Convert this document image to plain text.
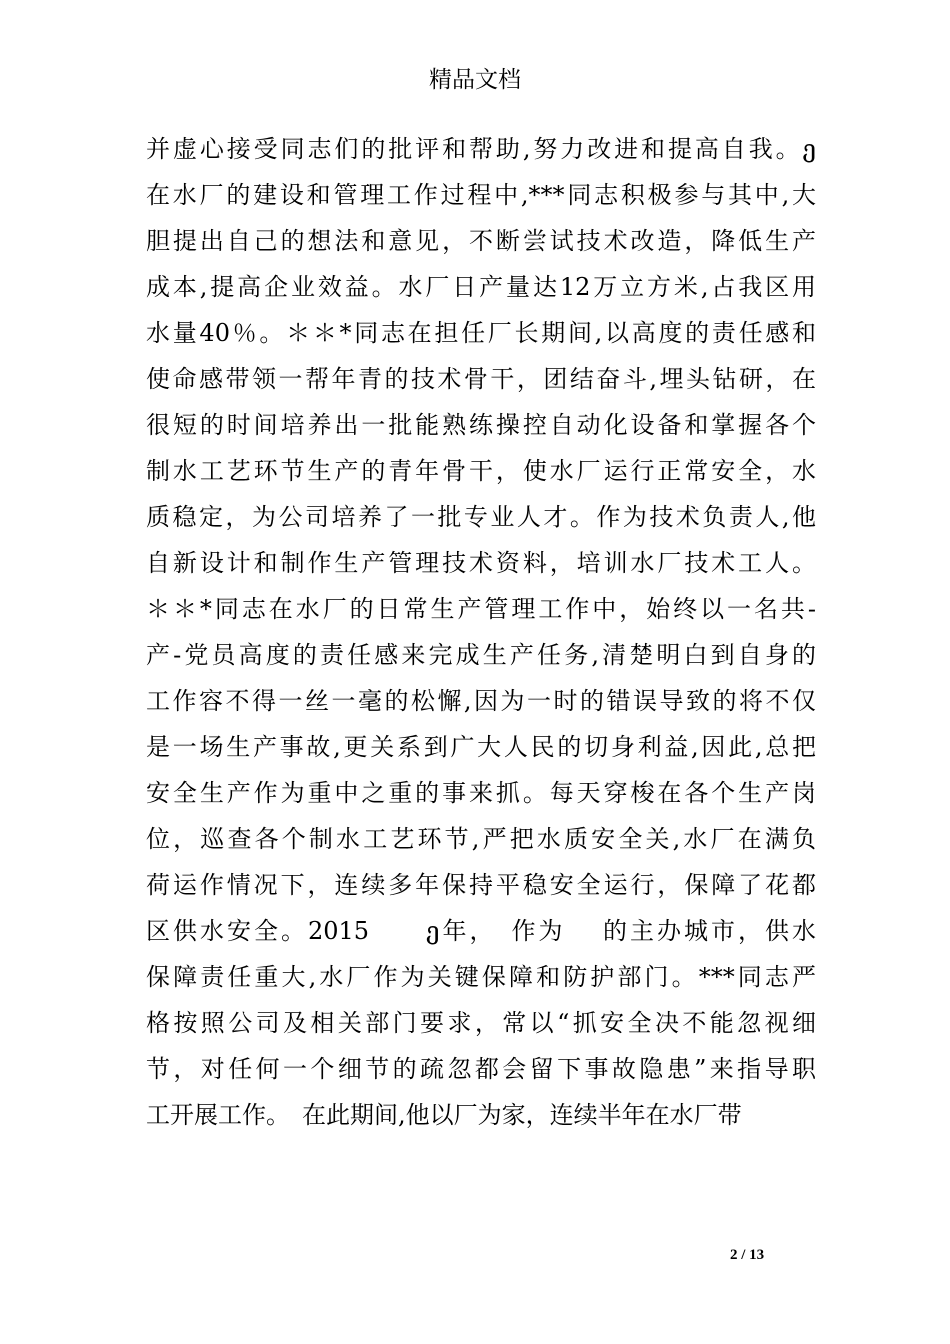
精品文档
并虚心接受同志们的批评和帮助,努力改进和提高自我。ე
在水厂的建设和管理工作过程中,***同志积极参与其中,大
胆提出自己的想法和意见，不断尝试技术改造，降低生产
成本,提高企业效益。水厂日产量达12万立方米,占我区用
水量40％。＊＊*同志在担任厂长期间,以高度的责任感和
使命感带领一帮年青的技术骨干，团结奋斗,埋头钻研，在
很短的时间培养出一批能熟练操控自动化设备和掌握各个
制水工艺环节生产的青年骨干，使水厂运行正常安全，水
质稳定，为公司培养了一批专业人才。作为技术负责人,他
自新设计和制作生产管理技术资料，培训水厂技术工人。
＊＊*同志在水厂的日常生产管理工作中，始终以一名共-
产-党员高度的责任感来完成生产任务,清楚明白到自身的
工作容不得一丝一毫的松懈,因为一时的错误导致的将不仅
是一场生产事故,更关系到广大人民的切身利益,因此,总把
安全生产作为重中之重的事来抓。每天穿梭在各个生产岗
位，巡查各个制水工艺环节,严把水质安全关,水厂在满负
荷运作情况下，连续多年保持平稳安全运行，保障了花都
区供水安全。2015　　ე年，　作为　 的主办城市，供水
保障责任重大,水厂作为关键保障和防护部门。***同志严
格按照公司及相关部门要求，常以“抓安全决不能忽视细
节，对任何一个细节的疏忽都会留下事故隐患”来指导职
工开展工作。　在此期间,他以厂为家，连续半年在水厂带
2 / 13
